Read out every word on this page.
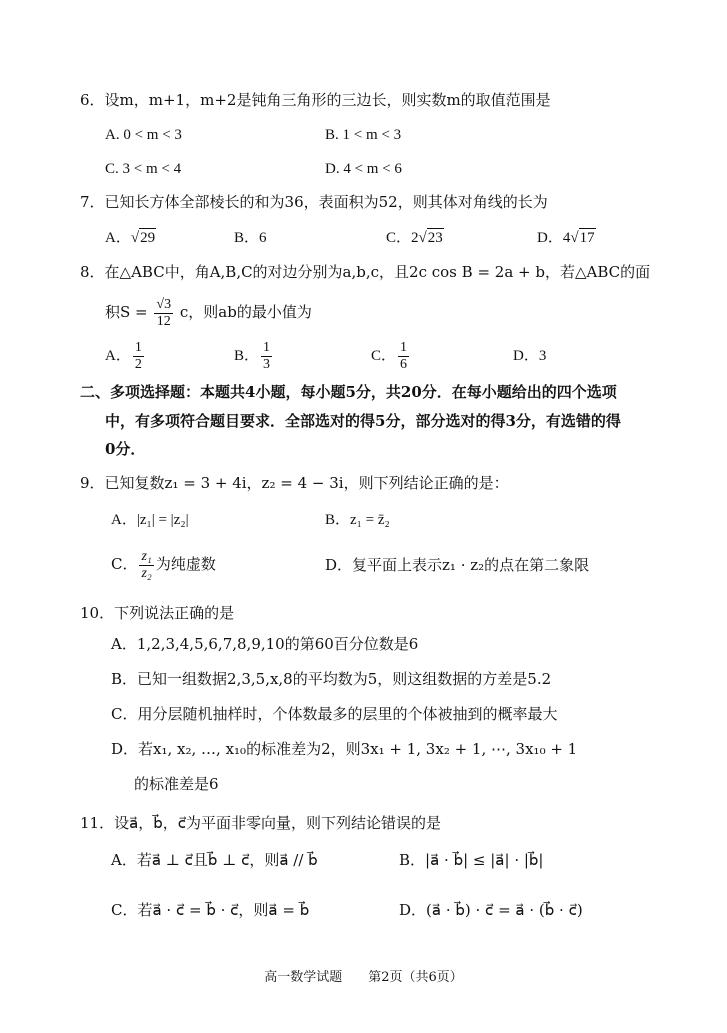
6．设m，m+1，m+2是钝角三角形的三边长，则实数m的取值范围是
A. 0 < m < 3	B. 1 < m < 3
C. 3 < m < 4	D. 4 < m < 6
7．已知长方体全部棱长的和为36，表面积为52，则其体对角线的长为
A．√29	B．6	C．2√23	D．4√17
8．在△ABC中，角A,B,C的对边分别为a,b,c，且2c cos B = 2a + b，若△ABC的面
积$S = \frac{√3}{12}$ c，则ab的最小值为
A． $\frac{1}{2}$	B． $\frac{1}{3}$	C． $\frac{1}{6}$	D．3
二、多项选择题：本题共4小题，每小题5分，共20分．在每小题给出的四个选项
中，有多项符合题目要求．全部选对的得5分，部分选对的得3分，有选错的得
0分．
9．已知复数z₁ = 3 + 4i，z₂ = 4 − 3i，则下列结论正确的是：
A．|z₁| = |z₂|	B．z₁ = z̄₂
C． $\frac{\text{z₁}}{\text{z₂}}$ 为纯虚数	D．复平面上表示z₁ · z₂的点在第二象限
10．下列说法正确的是
A．1,2,3,4,5,6,7,8,9,10的第60百分位数是6
B．已知一组数据2,3,5,x,8的平均数为5，则这组数据的方差是5.2
C．用分层随机抽样时，个体数最多的层里的个体被抽到的概率最大
D．若x₁, x₂, …, x₁₀的标准差为2，则3x₁ + 1, 3x₂ + 1, ⋯, 3x₁₀ + 1
的标准差是6
11．设a⃗，b⃗，c⃗为平面非零向量，则下列结论错误的是
A．若a⃗ ⊥ c⃗且b⃗ ⊥ c⃗，则a⃗ // b⃗	B．|a⃗ · b⃗| ≤ |a⃗| · |b⃗|
C．若a⃗ · c⃗ = b⃗ · c⃗，则a⃗ = b⃗	D．(a⃗ · b⃗) · c⃗ = a⃗ · (b⃗ · c⃗)
高一数学试题　　第2页（共6页）
